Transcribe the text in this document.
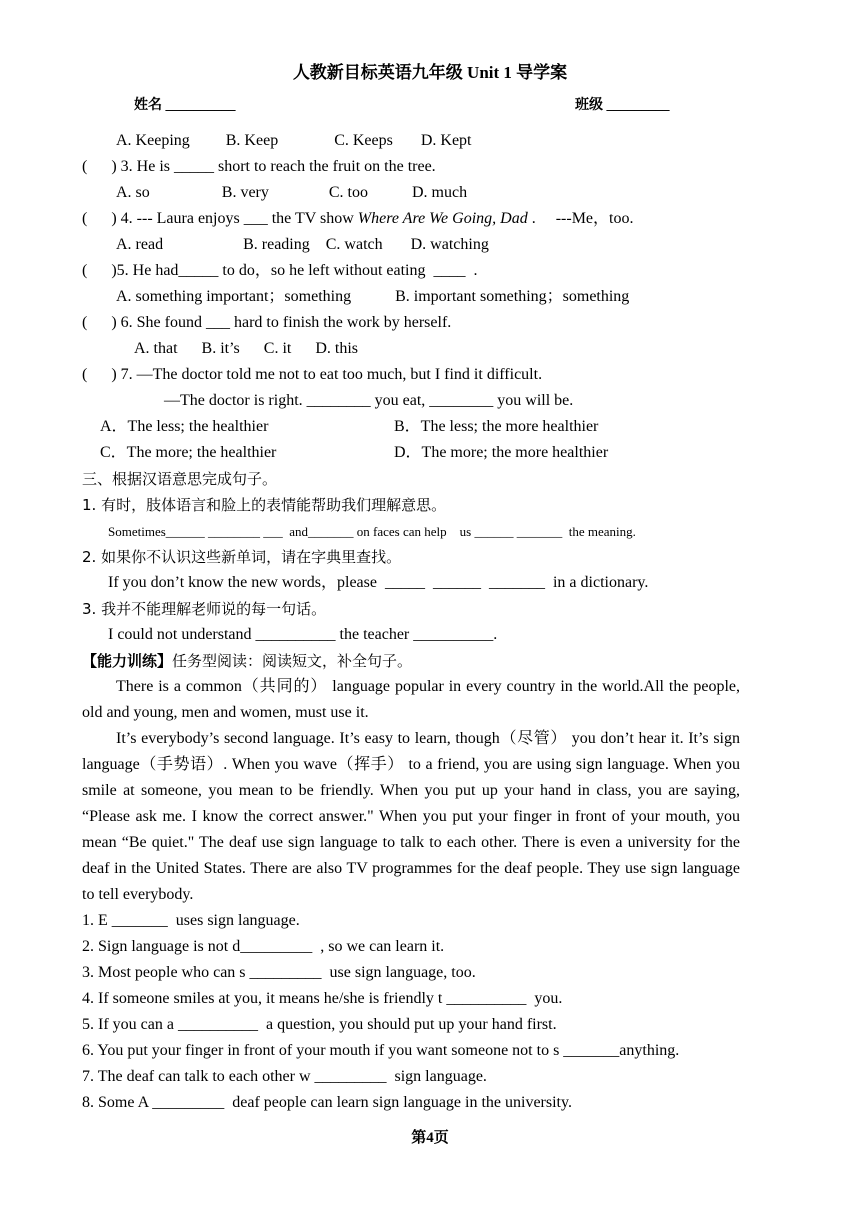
人教新目标英语九年级 Unit 1 导学案
姓名 __________	班级 _________
A. Keeping         B. Keep              C. Keeps       D. Kept
(      ) 3. He is _____ short to reach the fruit on the tree.
A. so                  B. very               C. too           D. much
(      ) 4. --- Laura enjoys ___ the TV show Where Are We Going, Dad .     ---Me，too.
A. read                    B. reading    C. watch       D. watching
(      )5. He had_____ to do，so he left without eating  ____  .
A. something important；something           B. important something；something
(      ) 6. She found ___ hard to finish the work by herself.
A. that      B. it’s      C. it      D. this
(      ) 7. —The doctor told me not to eat too much, but I find it difficult.
—The doctor is right. ________ you eat, ________ you will be.
A．The less; the healthier	B．The less; the more healthier
C．The more; the healthier	D．The more; the more healthier
三、根据汉语意思完成句子。
1. 有时，肢体语言和脸上的表情能帮助我们理解意思。
Sometimes______ ________ ___  and_______ on faces can help    us ______ _______  the meaning.
2. 如果你不认识这些新单词，请在字典里查找。
If you don’t know the new words，please  _____  ______  _______  in a dictionary.
3. 我并不能理解老师说的每一句话。
I could not understand __________ the teacher __________.
【能力训练】任务型阅读：阅读短文，补全句子。

There is a common（共同的） language popular in every country in the world.All the people, old and young, men and women, must use it.

It’s everybody’s second language. It’s easy to learn, though（尽管） you don’t hear it. It’s sign language（手势语）. When you wave（挥手） to a friend, you are using sign language. When you smile at someone, you mean to be friendly. When you put up your hand in class, you are saying, “Please ask me. I know the correct answer." When you put your finger in front of your mouth, you mean “Be quiet." The deaf use sign language to talk to each other. There is even a university for the deaf in the United States. There are also TV programmes for the deaf people. They use sign language to tell everybody.

1. E _______  uses sign language.
2. Sign language is not d_________  , so we can learn it.
3. Most people who can s _________  use sign language, too.
4. If someone smiles at you, it means he/she is friendly t __________  you.
5. If you can a __________  a question, you should put up your hand first.
6. You put your finger in front of your mouth if you want someone not to s _______anything.
7. The deaf can talk to each other w _________  sign language.
8. Some A _________  deaf people can learn sign language in the university.
第4页
